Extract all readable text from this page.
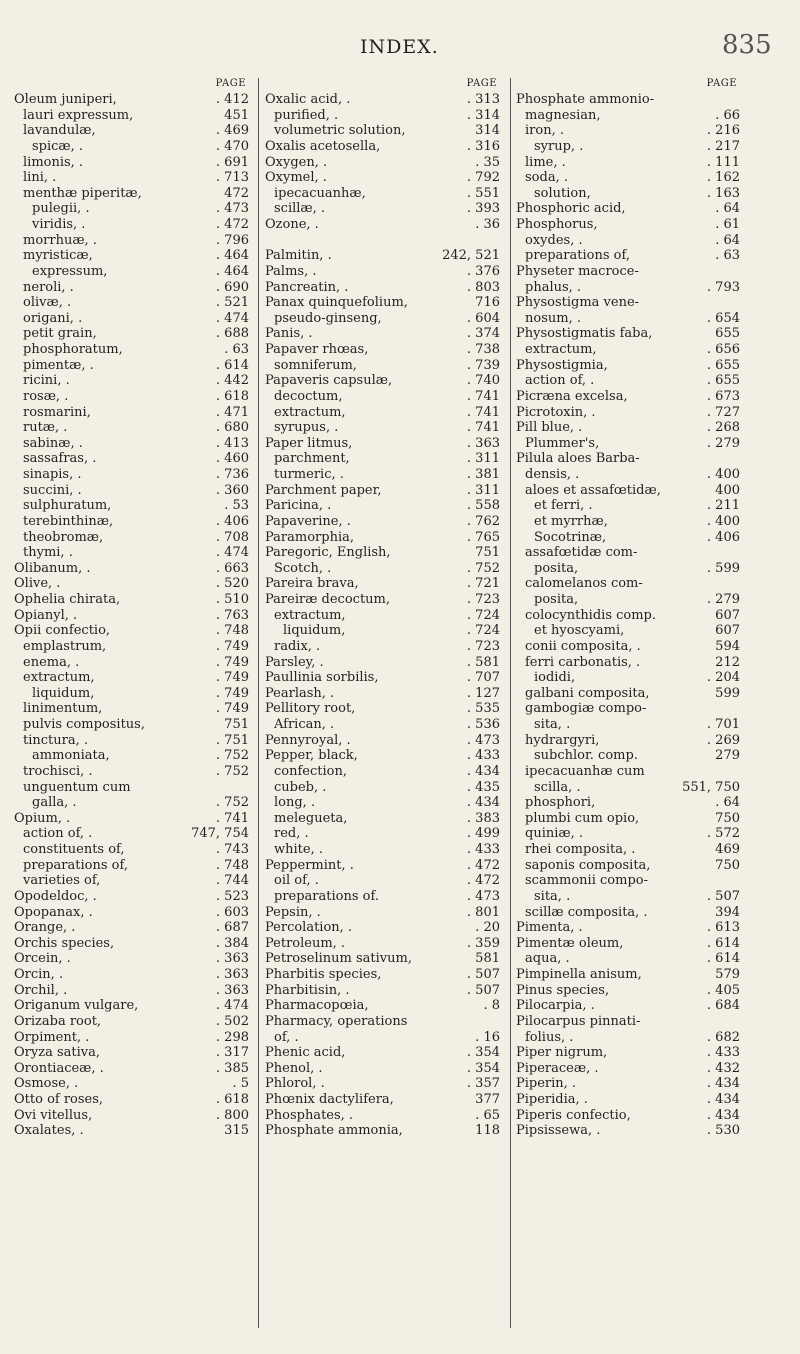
INDEX.	835
PAGE
Oleum juniperi,	. 412
lauri expressum,	451
lavandulæ,	. 469
spicæ, .	. 470
limonis, .	. 691
lini, .	. 713
menthæ piperitæ,	472
pulegii, .	. 473
viridis, .	. 472
morrhuæ, .	. 796
myristicæ,	. 464
expressum,	. 464
neroli, .	. 690
olivæ, .	. 521
origani, .	. 474
petit grain,	. 688
phosphoratum,	. 63
pimentæ, .	. 614
ricini, .	. 442
rosæ, .	. 618
rosmarini,	. 471
rutæ, .	. 680
sabinæ, .	. 413
sassafras, .	. 460
sinapis, .	. 736
succini, .	. 360
sulphuratum,	. 53
terebinthinæ,	. 406
theobromæ,	. 708
thymi, .	. 474
Olibanum, .	. 663
Olive, .	. 520
Ophelia chirata,	. 510
Opianyl, .	. 763
Opii confectio,	. 748
emplastrum,	. 749
enema, .	. 749
extractum,	. 749
liquidum,	. 749
linimentum,	. 749
pulvis compositus,	751
tinctura, .	. 751
ammoniata,	. 752
trochisci, .	. 752
unguentum cum
galla, .	. 752
Opium, .	. 741
action of, .	747, 754
constituents of,	. 743
preparations of,	. 748
varieties of,	. 744
Opodeldoc, .	. 523
Opopanax, .	. 603
Orange, .	. 687
Orchis species,	. 384
Orcein, .	. 363
Orcin, .	. 363
Orchil, .	. 363
Origanum vulgare,	. 474
Orizaba root,	. 502
Orpiment, .	. 298
Oryza sativa,	. 317
Orontiaceæ, .	. 385
Osmose, .	. 5
Otto of roses,	. 618
Ovi vitellus,	. 800
Oxalates, .	315
PAGE
Oxalic acid, .	. 313
purified, .	. 314
volumetric solution,	314
Oxalis acetosella,	. 316
Oxygen, .	. 35
Oxymel, .	. 792
ipecacuanhæ,	. 551
scillæ, .	. 393
Ozone, .	. 36
Palmitin, .	242, 521
Palms, .	. 376
Pancreatin, .	. 803
Panax quinquefolium,	716
pseudo-ginseng,	. 604
Panis, .	. 374
Papaver rhœas,	. 738
somniferum,	. 739
Papaveris capsulæ,	. 740
decoctum,	. 741
extractum,	. 741
syrupus, .	. 741
Paper litmus,	. 363
parchment,	. 311
turmeric, .	. 381
Parchment paper,	. 311
Paricina, .	. 558
Papaverine, .	. 762
Paramorphia,	. 765
Paregoric, English,	751
Scotch, .	. 752
Pareira brava,	. 721
Pareiræ decoctum,	. 723
extractum,	. 724
liquidum,	. 724
radix, .	. 723
Parsley, .	. 581
Paullinia sorbilis,	. 707
Pearlash, .	. 127
Pellitory root,	. 535
African, .	. 536
Pennyroyal, .	. 473
Pepper, black,	. 433
confection,	. 434
cubeb, .	. 435
long, .	. 434
melegueta,	. 383
red, .	. 499
white, .	. 433
Peppermint, .	. 472
oil of, .	. 472
preparations of.	. 473
Pepsin, .	. 801
Percolation, .	. 20
Petroleum, .	. 359
Petroselinum sativum,	581
Pharbitis species,	. 507
Pharbitisin, .	. 507
Pharmacopœia,	. 8
Pharmacy, operations
of, .	. 16
Phenic acid,	. 354
Phenol, .	. 354
Phlorol, .	. 357
Phœnix dactylifera,	377
Phosphates, .	. 65
Phosphate ammonia,	118
PAGE
Phosphate ammonio-
magnesian,	. 66
iron, .	. 216
syrup, .	. 217
lime, .	. 111
soda, .	. 162
solution,	. 163
Phosphoric acid,	. 64
Phosphorus,	. 61
oxydes, .	. 64
preparations of,	. 63
Physeter macroce-
phalus, .	. 793
Physostigma vene-
nosum, .	. 654
Physostigmatis faba,	655
extractum,	. 656
Physostigmia,	. 655
action of, .	. 655
Picræna excelsa,	. 673
Picrotoxin, .	. 727
Pill blue, .	. 268
Plummer's,	. 279
Pilula aloes Barba-
densis, .	. 400
aloes et assafœtidæ,	400
et ferri, .	. 211
et myrrhæ,	. 400
Socotrinæ,	. 406
assafœtidæ com-
posita,	. 599
calomelanos com-
posita,	. 279
colocynthidis comp.	607
et hyoscyami,	607
conii composita, .	594
ferri carbonatis, .	212
iodidi,	. 204
galbani composita,	599
gambogiæ compo-
sita, .	. 701
hydrargyri,	. 269
subchlor. comp.	279
ipecacuanhæ cum
scilla, .	551, 750
phosphori,	. 64
plumbi cum opio,	750
quiniæ, .	. 572
rhei composita, .	469
saponis composita,	750
scammonii compo-
sita, .	. 507
scillæ composita, .	394
Pimenta, .	. 613
Pimentæ oleum,	. 614
aqua, .	. 614
Pimpinella anisum,	579
Pinus species,	. 405
Pilocarpia, .	. 684
Pilocarpus pinnati-
folius, .	. 682
Piper nigrum,	. 433
Piperaceæ, .	. 432
Piperin, .	. 434
Piperidia, .	. 434
Piperis confectio,	. 434
Pipsissewa, .	. 530
